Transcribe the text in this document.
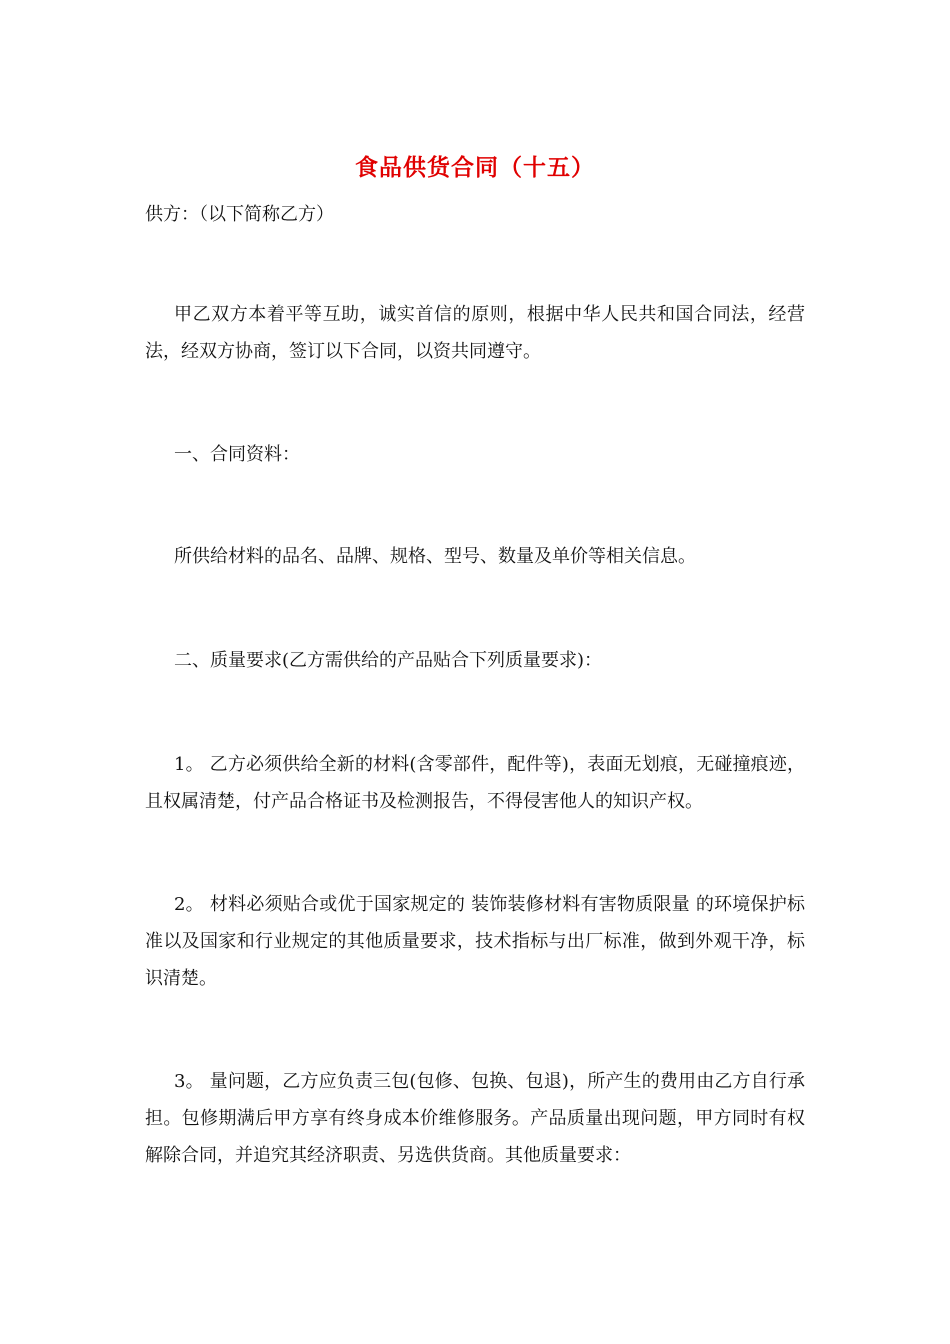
食品供货合同（十五）
供方：（以下简称乙方）
甲乙双方本着平等互助，诚实首信的原则，根据中华人民共和国合同法，经营法，经双方协商，签订以下合同，以资共同遵守。
一、合同资料：
所供给材料的品名、品牌、规格、型号、数量及单价等相关信息。
二、质量要求(乙方需供给的产品贴合下列质量要求)：
1。 乙方必须供给全新的材料(含零部件，配件等)，表面无划痕，无碰撞痕迹，且权属清楚，付产品合格证书及检测报告，不得侵害他人的知识产权。
2。 材料必须贴合或优于国家规定的 装饰装修材料有害物质限量 的环境保护标准以及国家和行业规定的其他质量要求，技术指标与出厂标准，做到外观干净，标识清楚。
3。 量问题，乙方应负责三包(包修、包换、包退)，所产生的费用由乙方自行承担。包修期满后甲方享有终身成本价维修服务。产品质量出现问题，甲方同时有权解除合同，并追究其经济职责、另选供货商。其他质量要求：
